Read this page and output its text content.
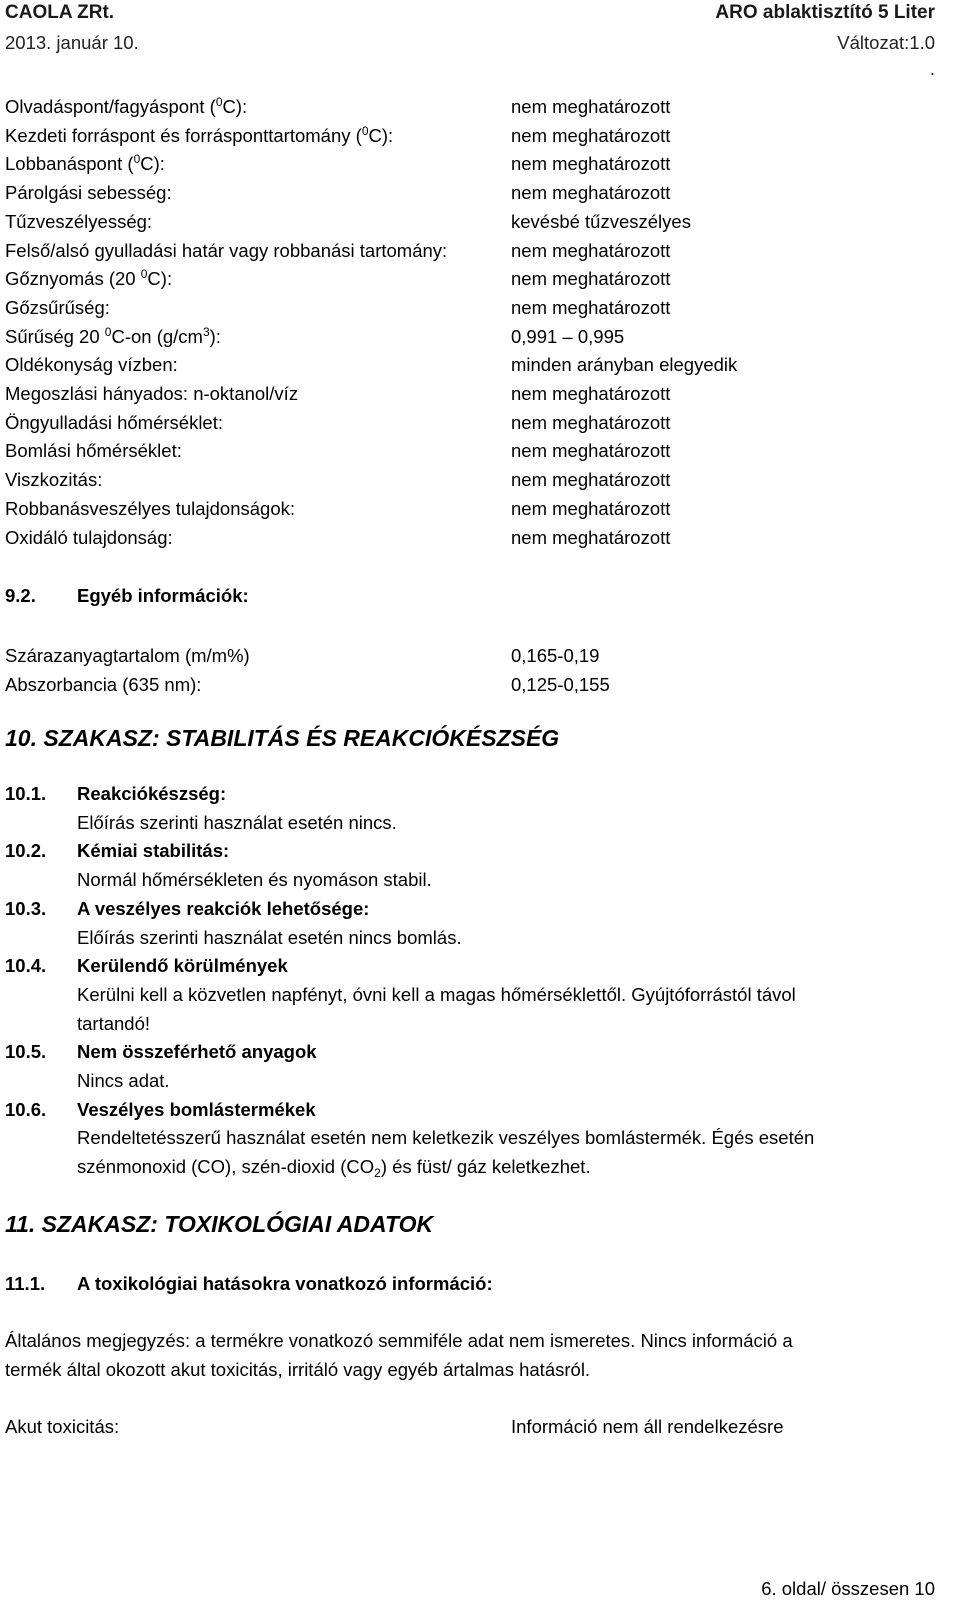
CAOLA ZRt.	ARO ablaktisztító 5 Liter
2013. január 10.	Változat:1.0
.
Olvadáspont/fagyáspont ($^0$C):	nem meghatározott
Kezdeti forráspont és forrásponttartomány ($^0$C):	nem meghatározott
Lobbanáspont ($^0$C):	nem meghatározott
Párolgási sebesség:	nem meghatározott
Tűzveszélyesség:	kevésbé tűzveszélyes
Felső/alsó gyulladási határ vagy robbanási tartomány:	nem meghatározott
Gőznyomás (20 $^0$C):	nem meghatározott
Gőzsűrűség:	nem meghatározott
Sűrűség 20 $^0$C-on $(g/cm^3)$:	0,991 – 0,995
Oldékonyság vízben:	minden arányban elegyedik
Megoszlási hányados: n-oktanol/víz	nem meghatározott
Öngyulladási hőmérséklet:	nem meghatározott
Bomlási hőmérséklet:	nem meghatározott
Viszkozitás:	nem meghatározott
Robbanásveszélyes tulajdonságok:	nem meghatározott
Oxidáló tulajdonság:	nem meghatározott
9.2. Egyéb információk:
Szárazanyagtartalom (m/m%)	0,165-0,19
Abszorbancia (635 nm):	0,125-0,155
10. SZAKASZ: STABILITÁS ÉS REAKCIÓKÉSZSÉG
10.1. Reakciókészség:
Előírás szerinti használat esetén nincs.
10.2. Kémiai stabilitás:
Normál hőmérsékleten és nyomáson stabil.
10.3. A veszélyes reakciók lehetősége:
Előírás szerinti használat esetén nincs bomlás.
10.4. Kerülendő körülmények
Kerülni kell a közvetlen napfényt, óvni kell a magas hőmérséklettől. Gyújtóforrástól távol
tartandó!
10.5. Nem összeférhető anyagok
Nincs adat.
10.6. Veszélyes bomlástermékek
Rendeltetésszerű használat esetén nem keletkezik veszélyes bomlástermék. Égés esetén
szénmonoxid (CO), szén-dioxid $(CO_2)$ és füst/ gáz keletkezhet.
11. SZAKASZ: TOXIKOLÓGIAI ADATOK
11.1. A toxikológiai hatásokra vonatkozó információ:
Általános megjegyzés: a termékre vonatkozó semmiféle adat nem ismeretes. Nincs információ a
termék által okozott akut toxicitás, irritáló vagy egyéb ártalmas hatásról.
Akut toxicitás:	Információ nem áll rendelkezésre
6. oldal/ összesen 10
